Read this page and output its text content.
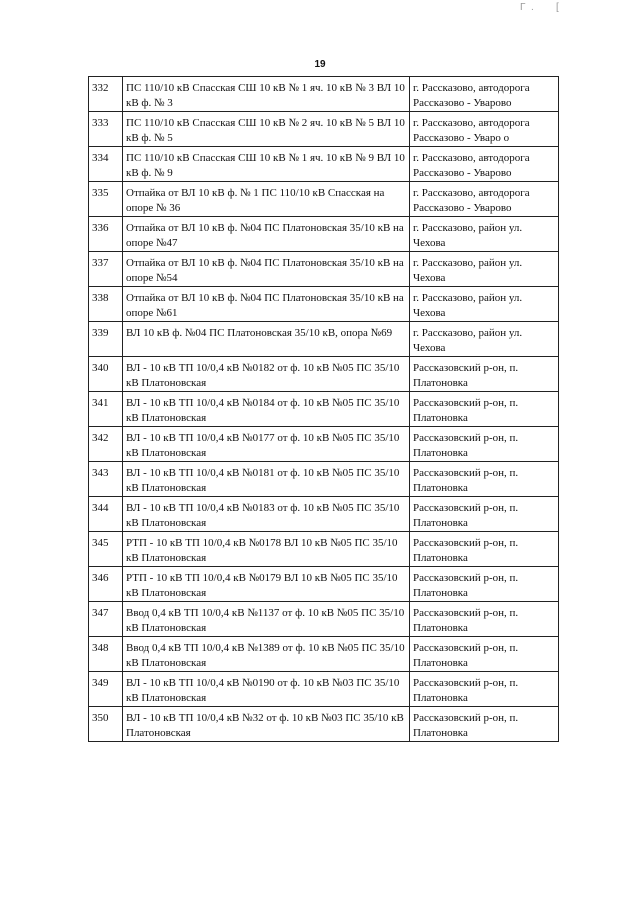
Г  .        [
19
332	ПС 110/10 кВ Спасская СШ 10 кВ № 1 яч. 10 кВ № 3 ВЛ 10 кВ ф. № 3	г. Рассказово, автодорога Рассказово - Уварово
333	ПС 110/10 кВ Спасская СШ 10 кВ № 2 яч. 10 кВ № 5 ВЛ 10 кВ ф. № 5	г. Рассказово, автодорога Рассказово - Уваро о
334	ПС 110/10 кВ Спасская СШ 10 кВ № 1 яч. 10 кВ № 9 ВЛ 10 кВ ф. № 9	г. Рассказово, автодорога Рассказово - Уварово
335	Отпайка от ВЛ 10 кВ ф. № 1 ПС 110/10 кВ Спасская на опоре № 36	г. Рассказово, автодорога Рассказово - Уварово
336	Отпайка от ВЛ 10 кВ ф. №04 ПС Платоновская 35/10 кВ на опоре №47	г. Рассказово, район ул. Чехова
337	Отпайка от ВЛ 10 кВ ф. №04 ПС Платоновская 35/10 кВ на опоре №54	г. Рассказово, район ул. Чехова
338	Отпайка от ВЛ 10 кВ ф. №04 ПС Платоновская 35/10 кВ на опоре №61	г. Рассказово, район ул. Чехова
339	ВЛ 10 кВ ф. №04 ПС Платоновская 35/10 кВ, опора №69	г. Рассказово, район ул. Чехова
340	ВЛ - 10 кВ ТП 10/0,4 кВ №0182 от ф. 10 кВ №05 ПС 35/10 кВ Платоновская	Рассказовский р-он, п. Платоновка
341	ВЛ - 10 кВ ТП 10/0,4 кВ №0184 от ф. 10 кВ №05 ПС 35/10 кВ Платоновская	Рассказовский р-он, п. Платоновка
342	ВЛ - 10 кВ ТП 10/0,4 кВ №0177 от ф. 10 кВ №05 ПС 35/10 кВ Платоновская	Рассказовский р-он, п. Платоновка
343	ВЛ - 10 кВ ТП 10/0,4 кВ №0181 от ф. 10 кВ №05 ПС 35/10 кВ Платоновская	Рассказовский р-он, п. Платоновка
344	ВЛ - 10 кВ ТП 10/0,4 кВ №0183 от ф. 10 кВ №05 ПС 35/10 кВ Платоновская	Рассказовский р-он, п. Платоновка
345	РТП - 10 кВ ТП 10/0,4 кВ №0178 ВЛ 10 кВ №05 ПС 35/10 кВ Платоновская	Рассказовский р-он, п. Платоновка
346	РТП - 10 кВ ТП 10/0,4 кВ №0179 ВЛ 10 кВ №05 ПС 35/10 кВ Платоновская	Рассказовский р-он, п. Платоновка
347	Ввод 0,4 кВ ТП 10/0,4 кВ №1137 от ф. 10 кВ №05 ПС 35/10 кВ Платоновская	Рассказовский р-он, п. Платоновка
348	Ввод 0,4 кВ ТП 10/0,4 кВ №1389 от ф. 10 кВ №05 ПС 35/10 кВ Платоновская	Рассказовский р-он, п. Платоновка
349	ВЛ - 10 кВ ТП 10/0,4 кВ №0190 от ф. 10 кВ №03 ПС 35/10 кВ Платоновская	Рассказовский р-он, п. Платоновка
350	ВЛ - 10 кВ ТП 10/0,4 кВ №32 от ф. 10 кВ №03 ПС 35/10 кВ Платоновская	Рассказовский р-он, п. Платоновка
